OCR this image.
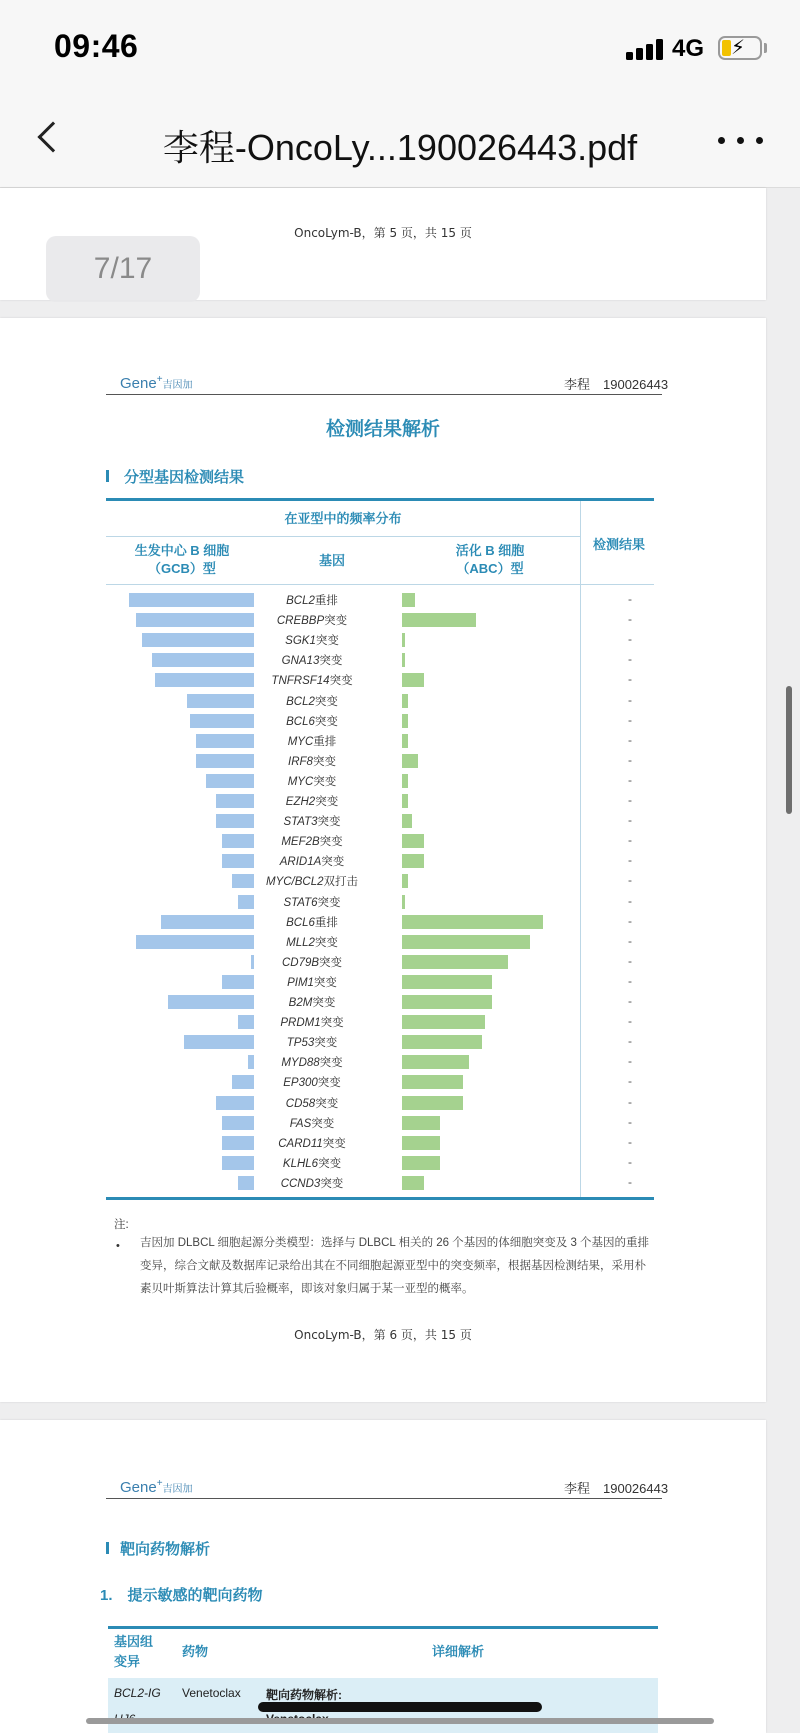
09:46	4G ⚡
李程-OncoLy...190026443.pdf
OncoLym-B，第 5 页，共 15 页
7/17
Gene+吉因加	李程　190026443
检测结果解析
分型基因检测结果
在亚型中的频率分布
生发中心 B 细胞
（GCB）型
基因
活化 B 细胞
（ABC）型
检测结果
BCL2重排	-
CREBBP突变	-
SGK1突变	-
GNA13突变	-
TNFRSF14突变	-
BCL2突变	-
BCL6突变	-
MYC重排	-
IRF8突变	-
MYC突变	-
EZH2突变	-
STAT3突变	-
MEF2B突变	-
ARID1A突变	-
MYC/BCL2双打击	-
STAT6突变	-
BCL6重排	-
MLL2突变	-
CD79B突变	-
PIM1突变	-
B2M突变	-
PRDM1突变	-
TP53突变	-
MYD88突变	-
EP300突变	-
CD58突变	-
FAS突变	-
CARD11突变	-
KLHL6突变	-
CCND3突变	-
注:
• 吉因加 DLBCL 细胞起源分类模型：选择与 DLBCL 相关的 26 个基因的体细胞突变及 3 个基因的重排变异，综合文献及数据库记录给出其在不同细胞起源亚型中的突变频率，根据基因检测结果，采用朴素贝叶斯算法计算其后验概率，即该对象归属于某一亚型的概率。
OncoLym-B，第 6 页，共 15 页
Gene+吉因加	李程　190026443
靶向药物解析
1.　提示敏感的靶向药物
基因组
变异
药物	详细解析
BCL2-IG Venetoclax 靶向药物解析:
